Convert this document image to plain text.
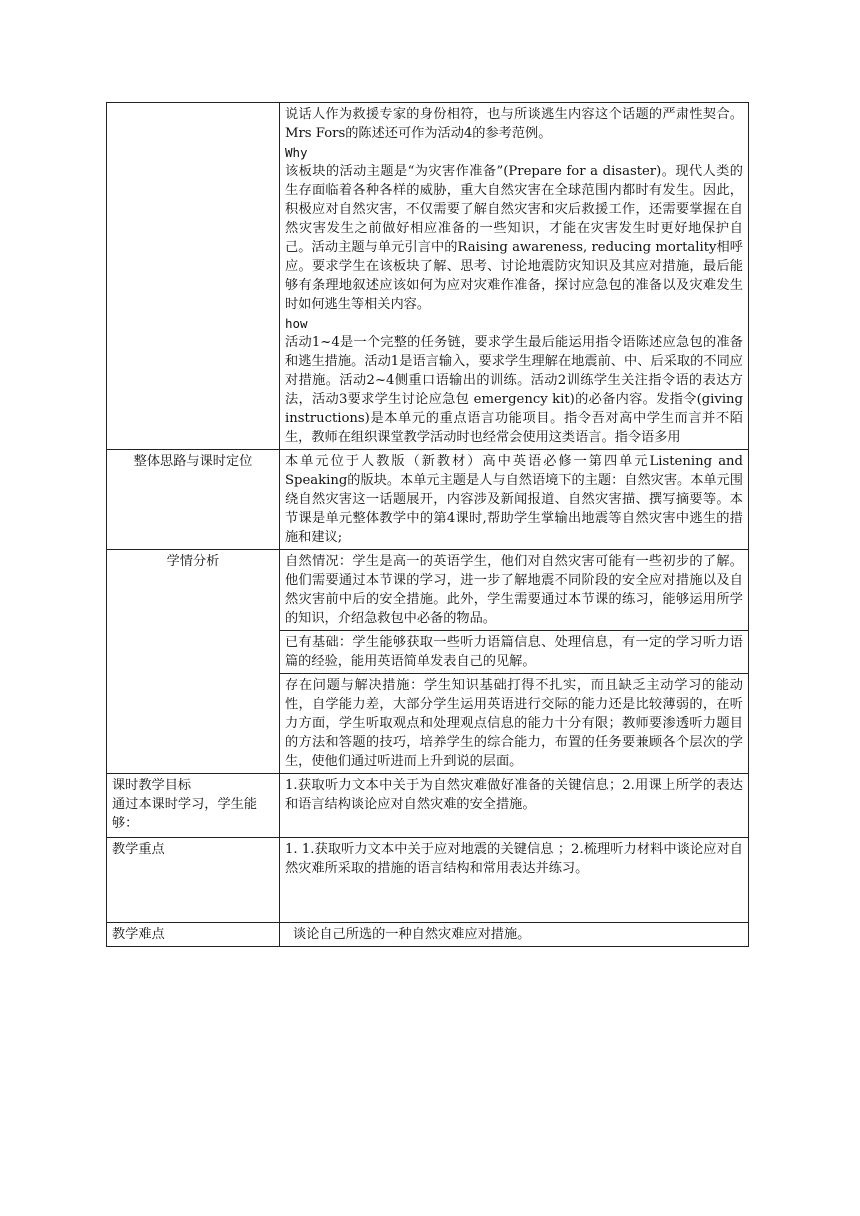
	说话人作为救援专家的身份相符，也与所谈逃生内容这个话题的严肃性契合。Mrs Fors的陈述还可作为活动4的参考范例。
Why
该板块的活动主题是“为灾害作准备”(Prepare for a disaster)。现代人类的生存面临着各种各样的威胁，重大自然灾害在全球范围内都时有发生。因此，积极应对自然灾害，不仅需要了解自然灾害和灾后救援工作，还需要掌握在自然灾害发生之前做好相应准备的一些知识，才能在灾害发生时更好地保护自己。活动主题与单元引言中的Raising awareness, reducing mortality相呼应。要求学生在该板块了解、思考、讨论地震防灾知识及其应对措施，最后能够有条理地叙述应该如何为应对灾难作准备，探讨应急包的准备以及灾难发生时如何逃生等相关内容。
how
活动1~4是一个完整的任务链，要求学生最后能运用指令语陈述应急包的准备和逃生措施。活动1是语言输入，要求学生理解在地震前、中、后采取的不同应对措施。活动2~4侧重口语输出的训练。活动2训练学生关注指令语的表达方法，活动3要求学生讨论应急包 emergency kit)的必备内容。发指令(giving instructions)是本单元的重点语言功能项目。指令吾对高中学生而言并不陌生，教师在组织课堂教学活动时也经常会使用这类语言。指令语多用

整体思路与课时定位	本单元位于人教版（新教材）高中英语必修一第四单元Listening and Speaking的版块。本单元主题是人与自然语境下的主题：自然灾害。本单元围绕自然灾害这一话题展开，内容涉及新闻报道、自然灾害描、撰写摘要等。本节课是单元整体教学中的第4课时,帮助学生掌输出地震等自然灾害中逃生的措施和建议;

学情分析	自然情况：学生是高一的英语学生，他们对自然灾害可能有一些初步的了解。他们需要通过本节课的学习，进一步了解地震不同阶段的安全应对措施以及自然灾害前中后的安全措施。此外，学生需要通过本节课的练习，能够运用所学的知识，介绍急救包中必备的物品。

	已有基础：学生能够获取一些听力语篇信息、处理信息，有一定的学习听力语篇的经验，能用英语简单发表自己的见解。

	存在问题与解决措施：学生知识基础打得不扎实，而且缺乏主动学习的能动性，自学能力差，大部分学生运用英语进行交际的能力还是比较薄弱的，在听力方面，学生听取观点和处理观点信息的能力十分有限；教师要渗透听力题目的方法和答题的技巧，培养学生的综合能力，布置的任务要兼顾各个层次的学生，使他们通过听进而上升到说的层面。

课时教学目标
通过本课时学习，学生能够：	1.获取听力文本中关于为自然灾难做好准备的关键信息；2.用课上所学的表达和语言结构谈论应对自然灾难的安全措施。

教学重点	1. 1.获取听力文本中关于应对地震的关键信息 ；2.梳理听力材料中谈论应对自然灾难所采取的措施的语言结构和常用表达并练习。

教学难点	谈论自己所选的一种自然灾难应对措施。
